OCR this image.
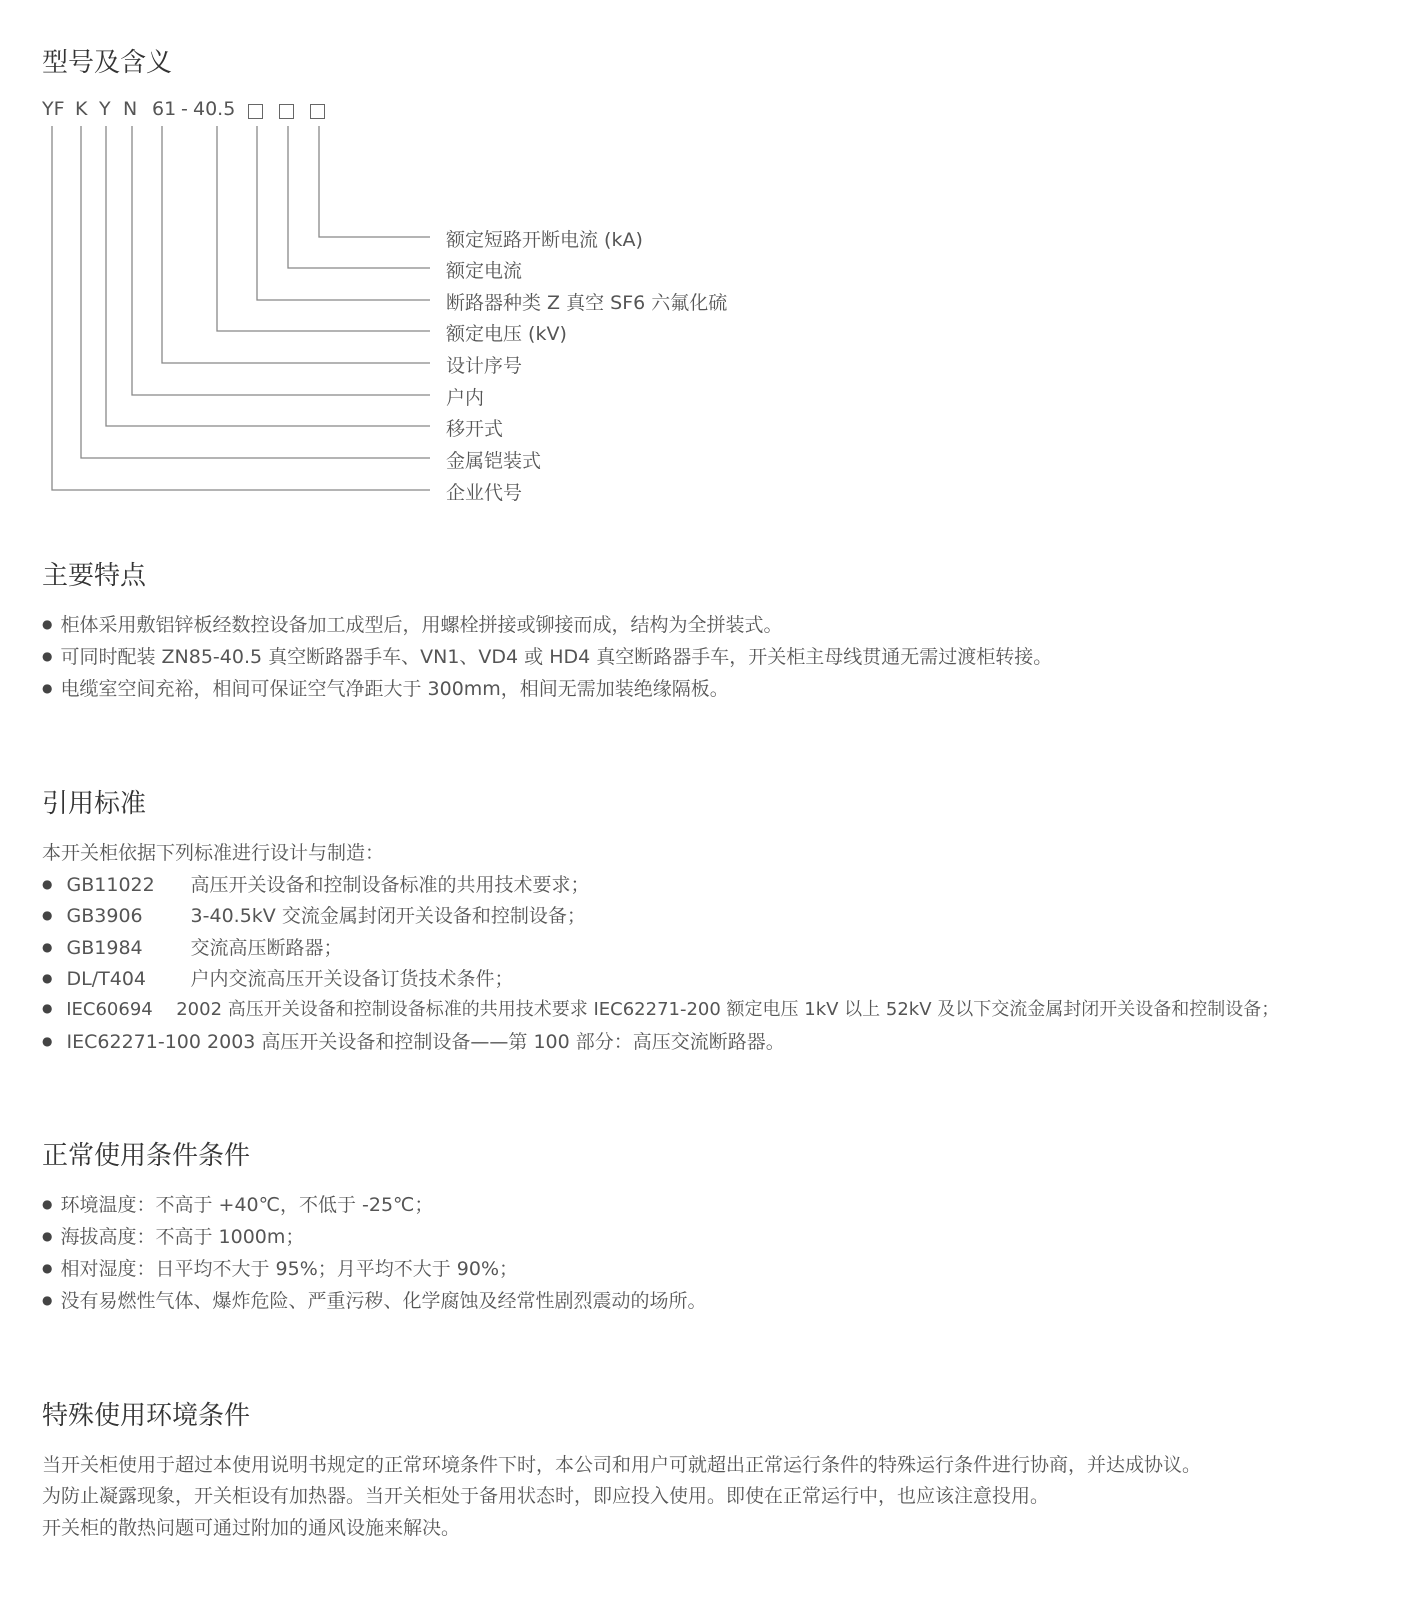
型号及含义
YF K Y N 61 - 40.5
额定短路开断电流 (kA)
额定电流
断路器种类 Z 真空 SF6 六氟化硫
额定电压 (kV)
设计序号
户内
移开式
金属铠装式
企业代号
主要特点
● 柜体采用敷铝锌板经数控设备加工成型后，用螺栓拼接或铆接而成，结构为全拼装式。
● 可同时配装 ZN85-40.5 真空断路器手车、VN1、VD4 或 HD4 真空断路器手车，开关柜主母线贯通无需过渡柜转接。
● 电缆室空间充裕，相间可保证空气净距大于 300mm，相间无需加装绝缘隔板。
引用标准
本开关柜依据下列标准进行设计与制造：
● GB11022 高压开关设备和控制设备标准的共用技术要求；
● GB3906	3-40.5kV 交流金属封闭开关设备和控制设备；
● GB1984	交流高压断路器；
● DL/T404 户内交流高压开关设备订货技术条件；
● IEC60694 2002 高压开关设备和控制设备标准的共用技术要求 IEC62271-200 额定电压 1kV 以上 52kV 及以下交流金属封闭开关设备和控制设备；
● IEC62271-100 2003 高压开关设备和控制设备——第 100 部分：高压交流断路器。
正常使用条件条件
● 环境温度：不高于 +40℃，不低于 -25℃；
● 海拔高度：不高于 1000m；
● 相对湿度：日平均不大于 95%；月平均不大于 90%；
● 没有易燃性气体、爆炸危险、严重污秽、化学腐蚀及经常性剧烈震动的场所。
特殊使用环境条件
当开关柜使用于超过本使用说明书规定的正常环境条件下时，本公司和用户可就超出正常运行条件的特殊运行条件进行协商，并达成协议。
为防止凝露现象，开关柜设有加热器。当开关柜处于备用状态时，即应投入使用。即使在正常运行中，也应该注意投用。
开关柜的散热问题可通过附加的通风设施来解决。
